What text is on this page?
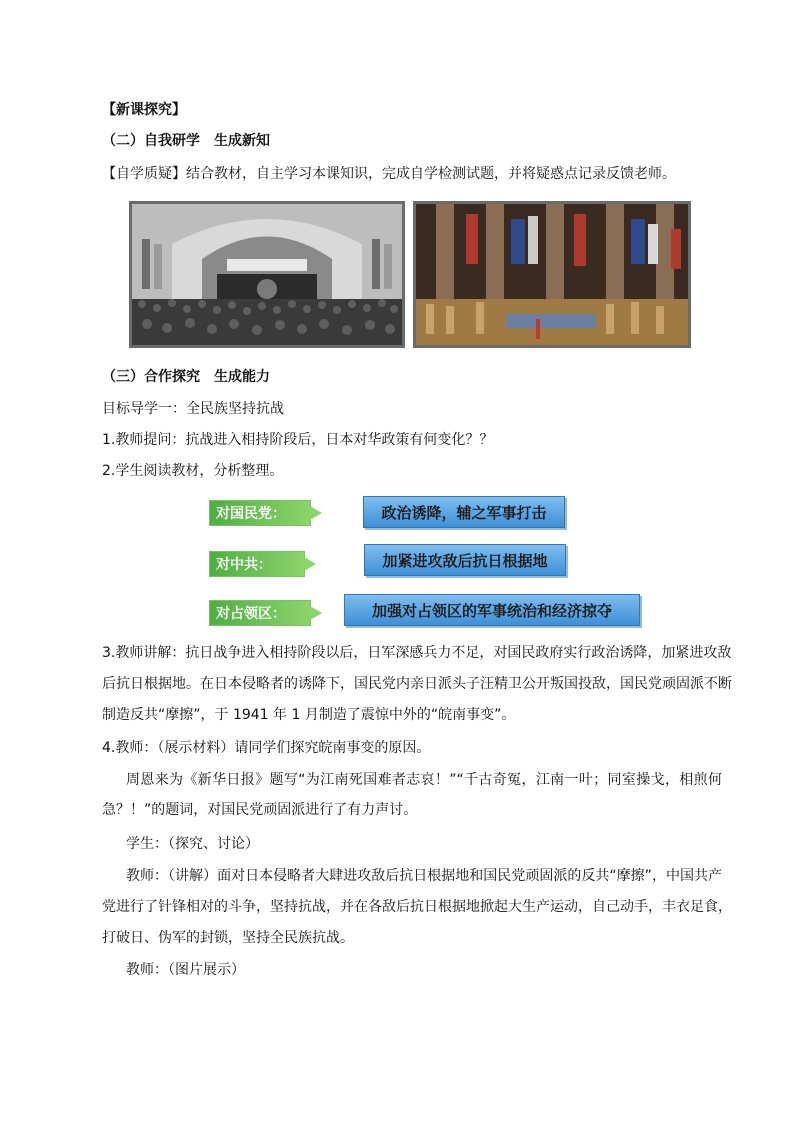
【新课探究】
（二）自我研学　生成新知
【自学质疑】结合教材，自主学习本课知识，完成自学检测试题，并将疑惑点记录反馈老师。
（三）合作探究　生成能力
目标导学一：全民族坚持抗战
1.教师提问：抗战进入相持阶段后，日本对华政策有何变化？？
2.学生阅读教材，分析整理。
对国民党：	政治诱降，辅之军事打击
对中共：	加紧进攻敌后抗日根据地
对占领区：	加强对占领区的军事统治和经济掠夺
3.教师讲解：抗日战争进入相持阶段以后，日军深感兵力不足，对国民政府实行政治诱降，加紧进攻敌
后抗日根据地。在日本侵略者的诱降下，国民党内亲日派头子汪精卫公开叛国投敌，国民党顽固派不断
制造反共“摩擦”，于 1941 年 1 月制造了震惊中外的“皖南事变”。
4.教师：（展示材料）请同学们探究皖南事变的原因。
周恩来为《新华日报》题写“为江南死国难者志哀！”“千古奇冤，江南一叶；同室操戈，相煎何
急？！”的题词，对国民党顽固派进行了有力声讨。
学生：（探究、讨论）
教师：（讲解）面对日本侵略者大肆进攻敌后抗日根据地和国民党顽固派的反共“摩擦”，中国共产
党进行了针锋相对的斗争，坚持抗战，并在各敌后抗日根据地掀起大生产运动，自己动手，丰衣足食，
打破日、伪军的封锁，坚持全民族抗战。
教师：（图片展示）
